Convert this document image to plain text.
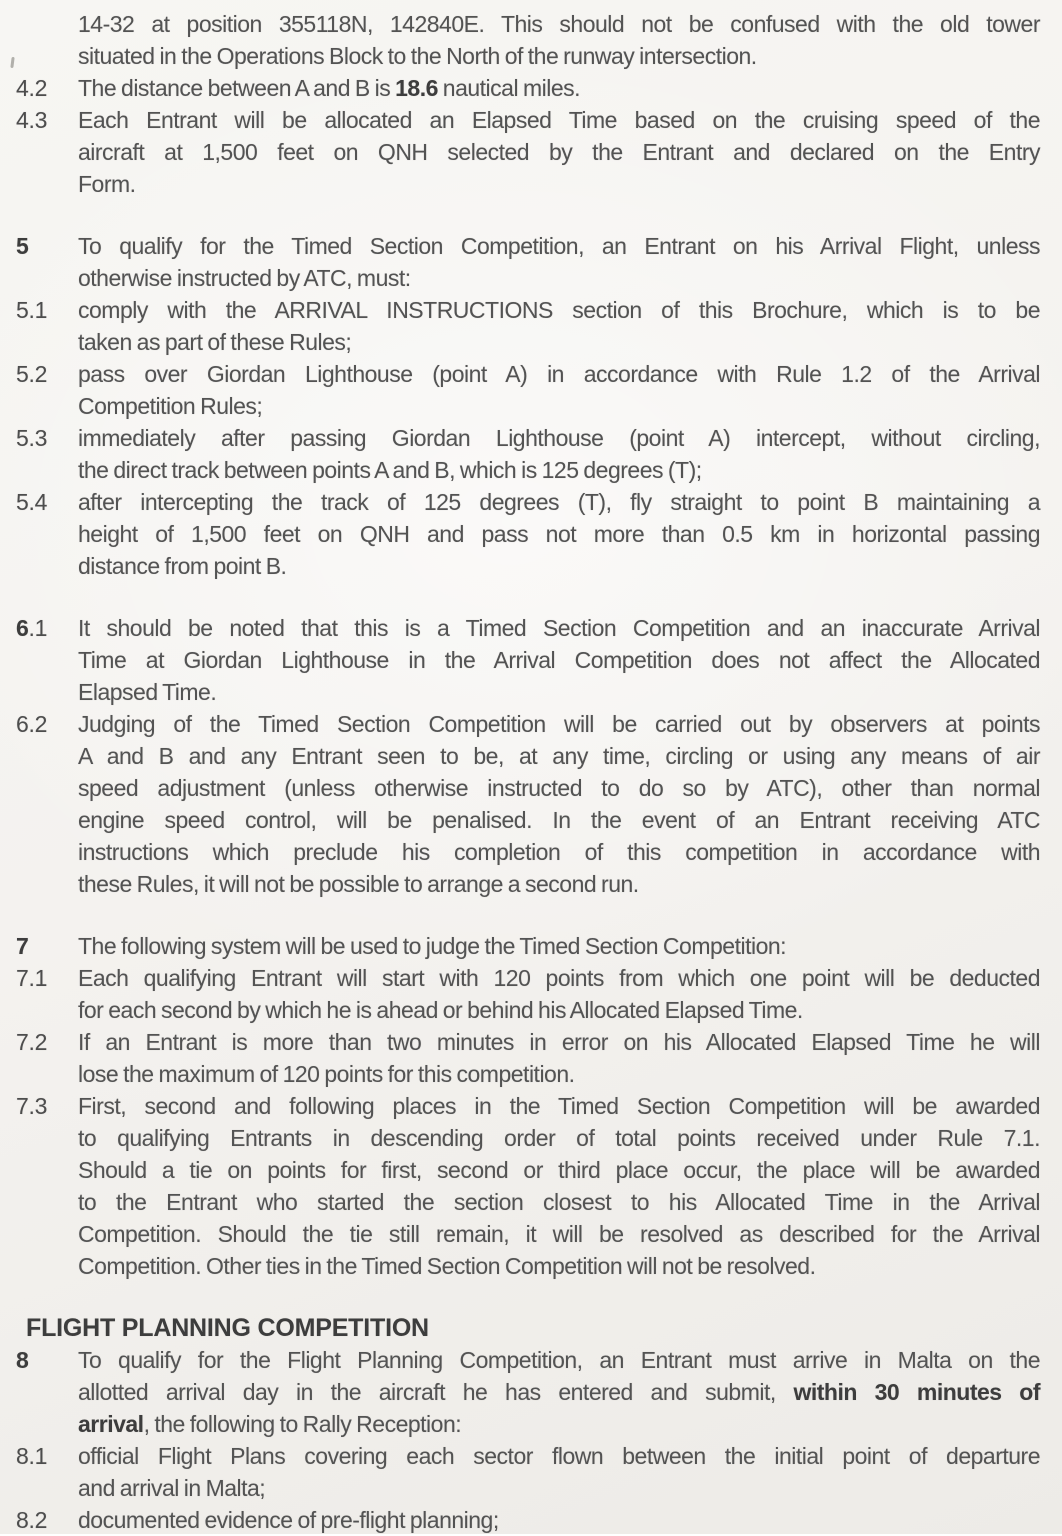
14-32 at position 355118N, 142840E. This should not be confused with the old tower
situated in the Operations Block to the North of the runway intersection.
4.2	The distance between A and B is 18.6 nautical miles.
4.3	Each Entrant will be allocated an Elapsed Time based on the cruising speed of the
aircraft at 1,500 feet on QNH selected by the Entrant and declared on the Entry
Form.
5	To qualify for the Timed Section Competition, an Entrant on his Arrival Flight, unless
otherwise instructed by ATC, must:
5.1	comply with the ARRIVAL INSTRUCTIONS section of this Brochure, which is to be
taken as part of these Rules;
5.2	pass over Giordan Lighthouse (point A) in accordance with Rule 1.2 of the Arrival
Competition Rules;
5.3	immediately after passing Giordan Lighthouse (point A) intercept, without circling,
the direct track between points A and B, which is 125 degrees (T);
5.4	after intercepting the track of 125 degrees (T), fly straight to point B maintaining a
height of 1,500 feet on QNH and pass not more than 0.5 km in horizontal passing
distance from point B.
6.1	It should be noted that this is a Timed Section Competition and an inaccurate Arrival
Time at Giordan Lighthouse in the Arrival Competition does not affect the Allocated
Elapsed Time.
6.2	Judging of the Timed Section Competition will be carried out by observers at points
A and B and any Entrant seen to be, at any time, circling or using any means of air
speed adjustment (unless otherwise instructed to do so by ATC), other than normal
engine speed control, will be penalised. In the event of an Entrant receiving ATC
instructions which preclude his completion of this competition in accordance with
these Rules, it will not be possible to arrange a second run.
7	The following system will be used to judge the Timed Section Competition:
7.1	Each qualifying Entrant will start with 120 points from which one point will be deducted
for each second by which he is ahead or behind his Allocated Elapsed Time.
7.2	If an Entrant is more than two minutes in error on his Allocated Elapsed Time he will
lose the maximum of 120 points for this competition.
7.3	First, second and following places in the Timed Section Competition will be awarded
to qualifying Entrants in descending order of total points received under Rule 7.1.
Should a tie on points for first, second or third place occur, the place will be awarded
to the Entrant who started the section closest to his Allocated Time in the Arrival
Competition. Should the tie still remain, it will be resolved as described for the Arrival
Competition. Other ties in the Timed Section Competition will not be resolved.
FLIGHT PLANNING COMPETITION
8	To qualify for the Flight Planning Competition, an Entrant must arrive in Malta on the
allotted arrival day in the aircraft he has entered and submit, within 30 minutes of
arrival, the following to Rally Reception:
8.1	official Flight Plans covering each sector flown between the initial point of departure
and arrival in Malta;
8.2	documented evidence of pre-flight planning;
